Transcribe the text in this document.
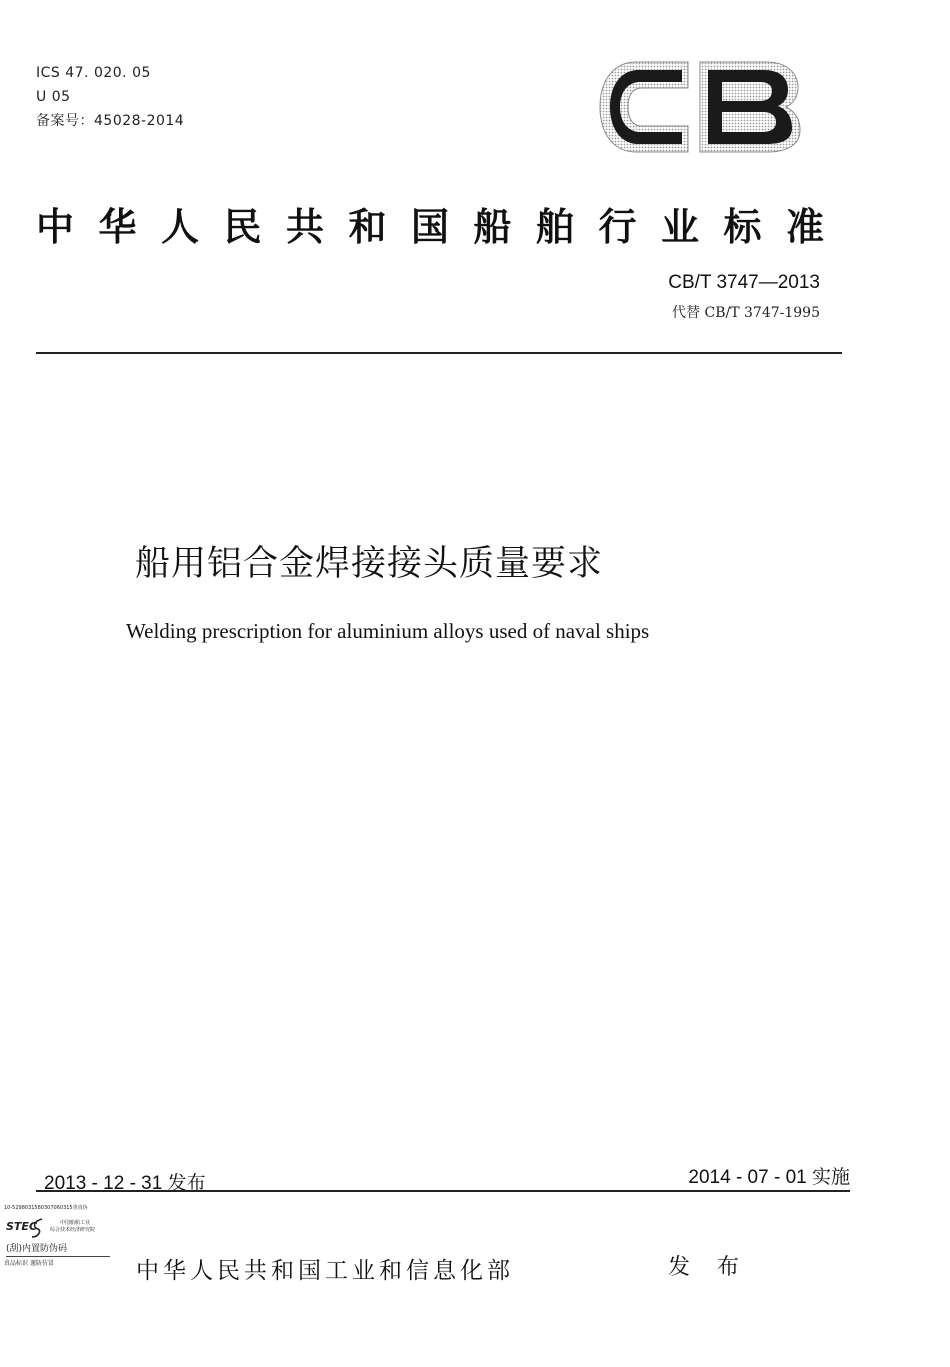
ICS 47. 020. 05
U 05
备案号：45028-2014
中华人民共和国船舶行业标准
CB/T 3747—2013
代替 CB/T 3747-1995
船用铝合金焊接接头质量要求
Welding prescription for aluminium alloys used of naval ships
2013 - 12 - 31 发布	2014 - 07 - 01 实施
10-5298031580307060315查真伪
STEC	中国船舶工业
综合技术经济研究院
(刮)内置防伪码
真品标识 谨防仿冒	中华人民共和国工业和信息化部	发 布
